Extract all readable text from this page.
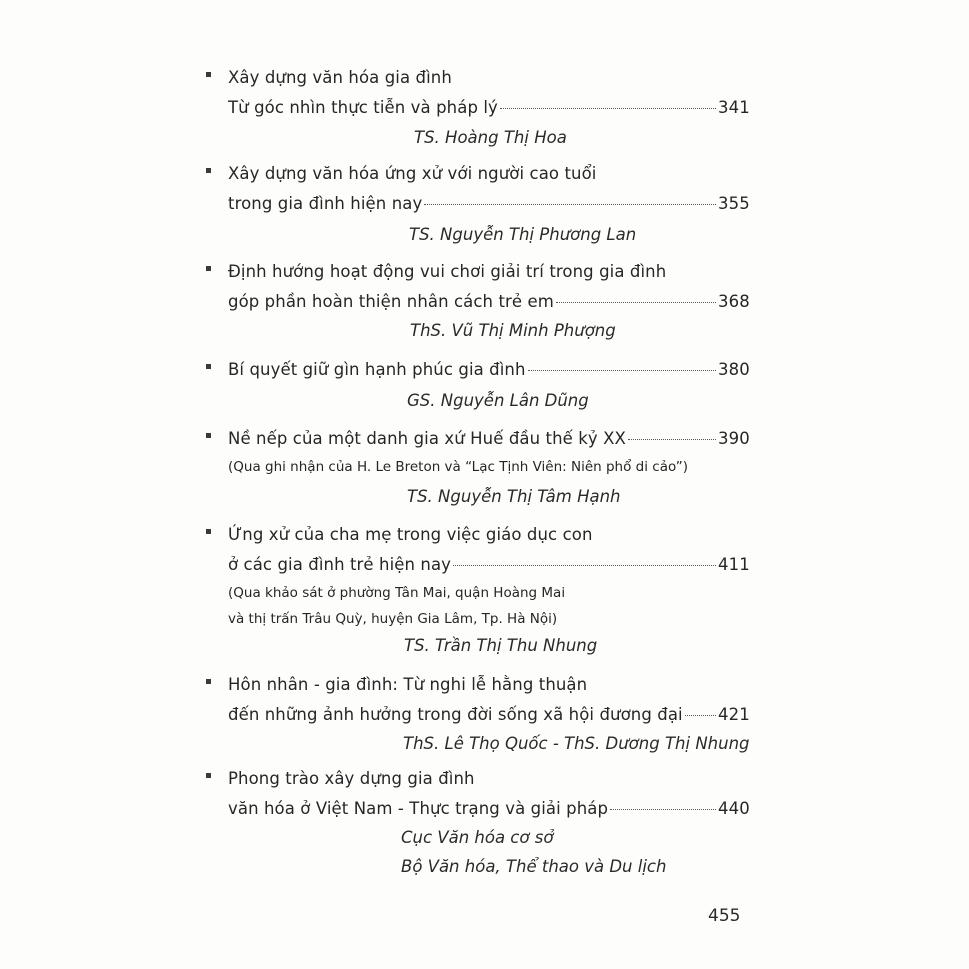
Xây dựng văn hóa gia đình
Từ góc nhìn thực tiễn và pháp lý	341
TS. Hoàng Thị Hoa
Xây dựng văn hóa ứng xử với người cao tuổi
trong gia đình hiện nay	355
TS. Nguyễn Thị Phương Lan
Định hướng hoạt động vui chơi giải trí trong gia đình
góp phần hoàn thiện nhân cách trẻ em	368
ThS. Vũ Thị Minh Phượng
Bí quyết giữ gìn hạnh phúc gia đình	380
GS. Nguyễn Lân Dũng
Nề nếp của một danh gia xứ Huế đầu thế kỷ XX	390
(Qua ghi nhận của H. Le Breton và “Lạc Tịnh Viên: Niên phổ di cảo”)
TS. Nguyễn Thị Tâm Hạnh
Ứng xử của cha mẹ trong việc giáo dục con
ở các gia đình trẻ hiện nay	411
(Qua khảo sát ở phường Tân Mai, quận Hoàng Mai
và thị trấn Trâu Quỳ, huyện Gia Lâm, Tp. Hà Nội)
TS. Trần Thị Thu Nhung
Hôn nhân - gia đình: Từ nghi lễ hằng thuận
đến những ảnh hưởng trong đời sống xã hội đương đại 421
ThS. Lê Thọ Quốc - ThS. Dương Thị Nhung
Phong trào xây dựng gia đình
văn hóa ở Việt Nam - Thực trạng và giải pháp	440
Cục Văn hóa cơ sở
Bộ Văn hóa, Thể thao và Du lịch
455
